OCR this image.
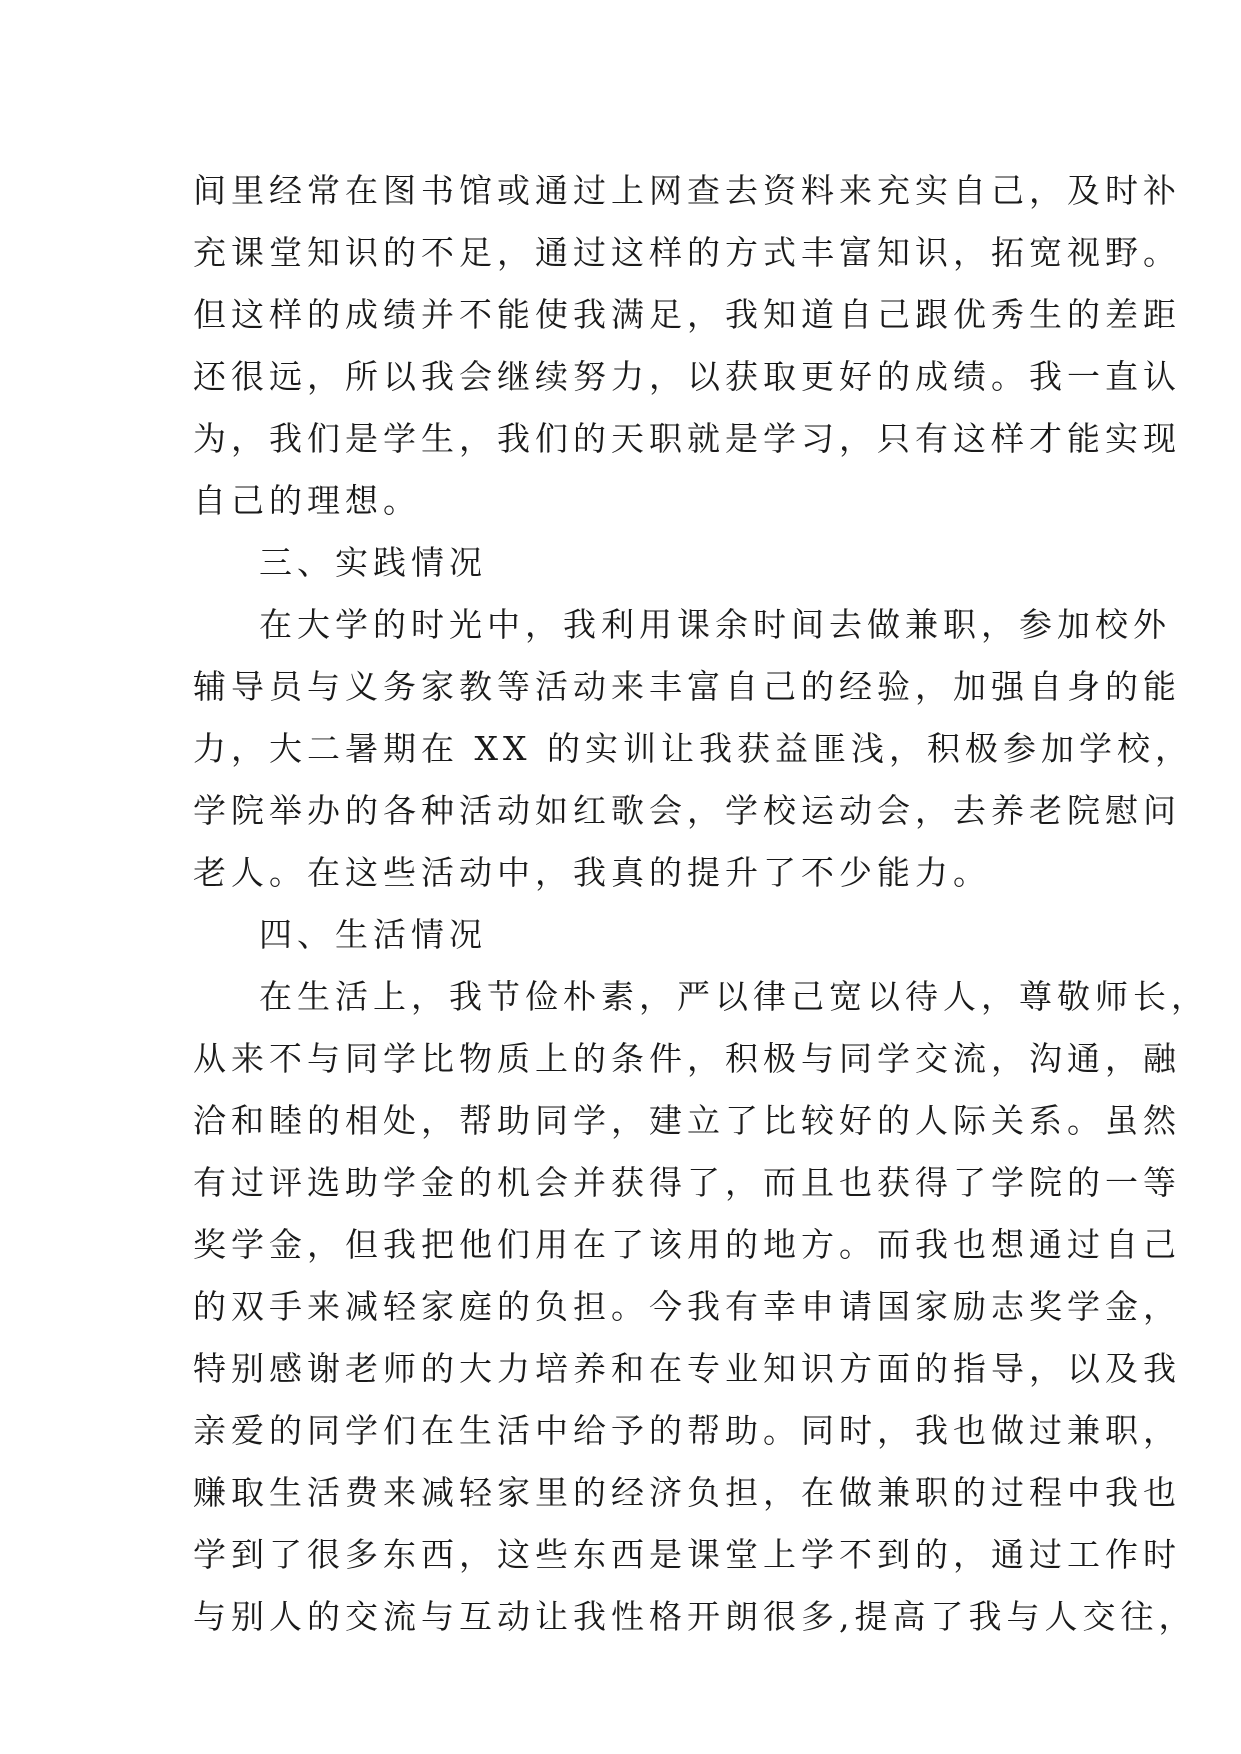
间里经常在图书馆或通过上网查去资料来充实自己，及时补
充课堂知识的不足，通过这样的方式丰富知识，拓宽视野。
但这样的成绩并不能使我满足，我知道自己跟优秀生的差距
还很远，所以我会继续努力，以获取更好的成绩。我一直认
为，我们是学生，我们的天职就是学习，只有这样才能实现
自己的理想。
三、实践情况
在大学的时光中，我利用课余时间去做兼职，参加校外
辅导员与义务家教等活动来丰富自己的经验，加强自身的能
力，大二暑期在 XX 的实训让我获益匪浅，积极参加学校，
学院举办的各种活动如红歌会，学校运动会，去养老院慰问
老人。在这些活动中，我真的提升了不少能力。
四、生活情况
在生活上，我节俭朴素，严以律己宽以待人，尊敬师长，
从来不与同学比物质上的条件，积极与同学交流，沟通，融
洽和睦的相处，帮助同学，建立了比较好的人际关系。虽然
有过评选助学金的机会并获得了，而且也获得了学院的一等
奖学金，但我把他们用在了该用的地方。而我也想通过自己
的双手来减轻家庭的负担。今我有幸申请国家励志奖学金，
特别感谢老师的大力培养和在专业知识方面的指导，以及我
亲爱的同学们在生活中给予的帮助。同时，我也做过兼职，
赚取生活费来减轻家里的经济负担，在做兼职的过程中我也
学到了很多东西，这些东西是课堂上学不到的，通过工作时
与别人的交流与互动让我性格开朗很多,提高了我与人交往，
